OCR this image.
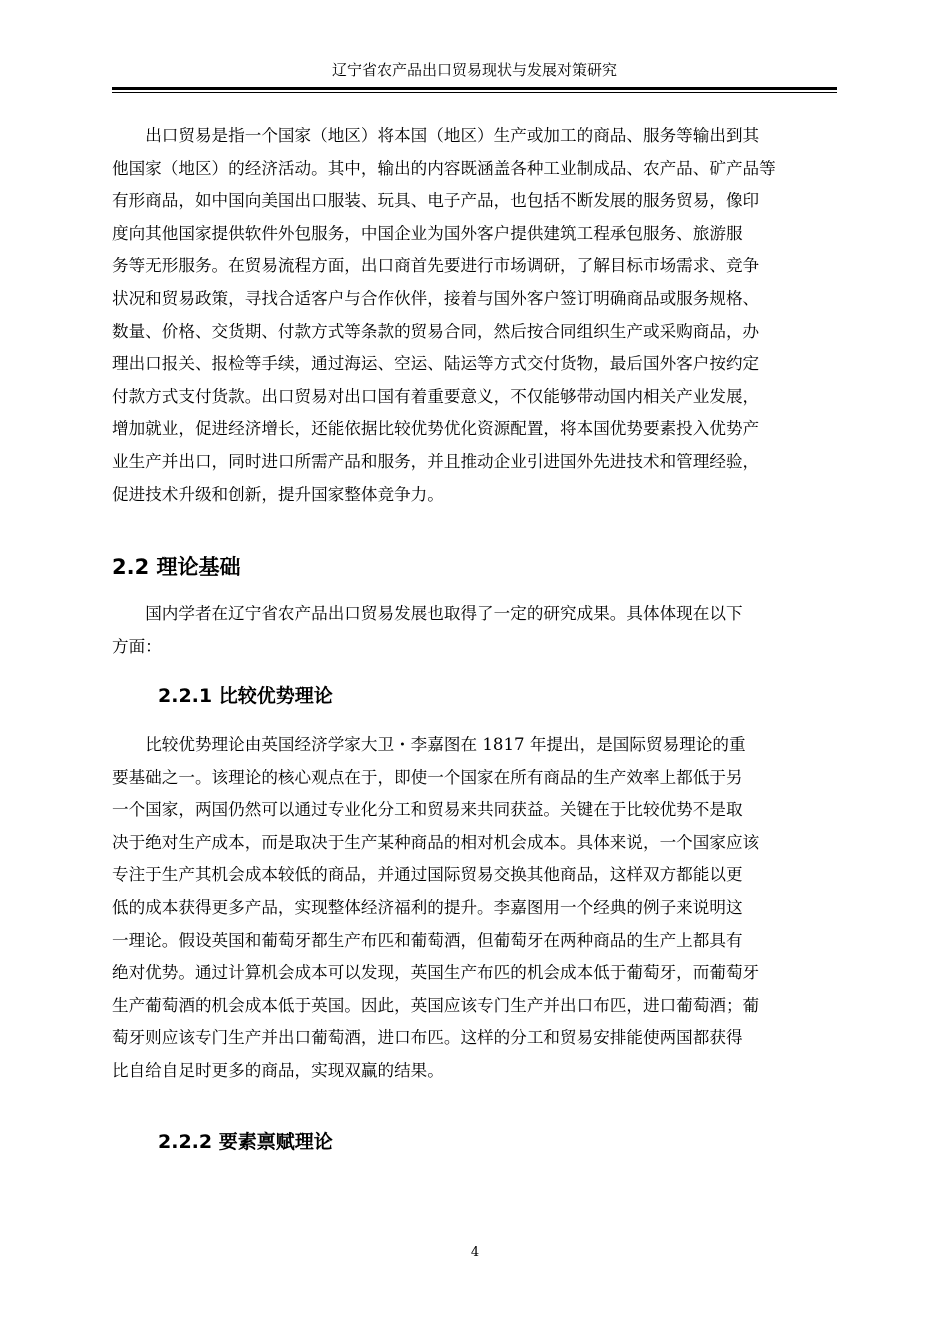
辽宁省农产品出口贸易现状与发展对策研究

出口贸易是指一个国家（地区）将本国（地区）生产或加工的商品、服务等输出到其
他国家（地区）的经济活动。其中，输出的内容既涵盖各种工业制成品、农产品、矿产品等
有形商品，如中国向美国出口服装、玩具、电子产品，也包括不断发展的服务贸易，像印
度向其他国家提供软件外包服务，中国企业为国外客户提供建筑工程承包服务、旅游服
务等无形服务。在贸易流程方面，出口商首先要进行市场调研，了解目标市场需求、竞争
状况和贸易政策，寻找合适客户与合作伙伴，接着与国外客户签订明确商品或服务规格、
数量、价格、交货期、付款方式等条款的贸易合同，然后按合同组织生产或采购商品，办
理出口报关、报检等手续，通过海运、空运、陆运等方式交付货物，最后国外客户按约定
付款方式支付货款。出口贸易对出口国有着重要意义，不仅能够带动国内相关产业发展，
增加就业，促进经济增长，还能依据比较优势优化资源配置，将本国优势要素投入优势产
业生产并出口，同时进口所需产品和服务，并且推动企业引进国外先进技术和管理经验，
促进技术升级和创新，提升国家整体竞争力。

2.2 理论基础

国内学者在辽宁省农产品出口贸易发展也取得了一定的研究成果。具体体现在以下
方面：

2.2.1 比较优势理论

比较优势理论由英国经济学家大卫・李嘉图在 1817 年提出，是国际贸易理论的重
要基础之一。该理论的核心观点在于，即使一个国家在所有商品的生产效率上都低于另
一个国家，两国仍然可以通过专业化分工和贸易来共同获益。关键在于比较优势不是取
决于绝对生产成本，而是取决于生产某种商品的相对机会成本。具体来说，一个国家应该
专注于生产其机会成本较低的商品，并通过国际贸易交换其他商品，这样双方都能以更
低的成本获得更多产品，实现整体经济福利的提升。李嘉图用一个经典的例子来说明这
一理论。假设英国和葡萄牙都生产布匹和葡萄酒，但葡萄牙在两种商品的生产上都具有
绝对优势。通过计算机会成本可以发现，英国生产布匹的机会成本低于葡萄牙，而葡萄牙
生产葡萄酒的机会成本低于英国。因此，英国应该专门生产并出口布匹，进口葡萄酒；葡
萄牙则应该专门生产并出口葡萄酒，进口布匹。这样的分工和贸易安排能使两国都获得
比自给自足时更多的商品，实现双赢的结果。

2.2.2 要素禀赋理论
4
